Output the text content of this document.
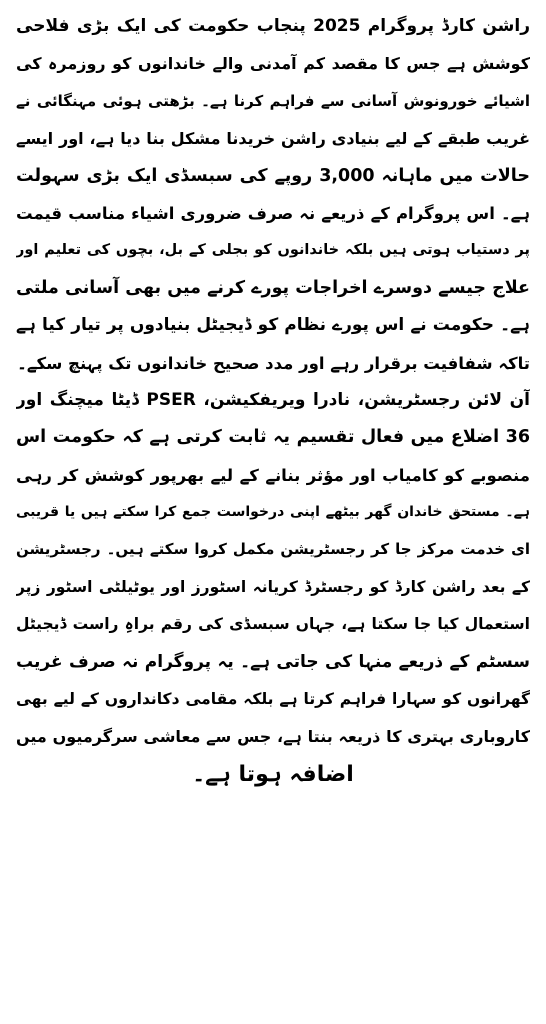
راشن کارڈ پروگرام 2025 پنجاب حکومت کی ایک بڑی فلاحی
کوشش ہے جس کا مقصد کم آمدنی والے خاندانوں کو روزمرہ کی
اشیائے خورونوش آسانی سے فراہم کرنا ہے۔ بڑھتی ہوئی مہنگائی نے
غریب طبقے کے لیے بنیادی راشن خریدنا مشکل بنا دیا ہے، اور ایسے
حالات میں ماہانہ 3,000 روپے کی سبسڈی ایک بڑی سہولت
ہے۔ اس پروگرام کے ذریعے نہ صرف ضروری اشیاء مناسب قیمت
پر دستیاب ہوتی ہیں بلکہ خاندانوں کو بجلی کے بل، بچوں کی تعلیم اور
علاج جیسے دوسرے اخراجات پورے کرنے میں بھی آسانی ملتی
ہے۔ حکومت نے اس پورے نظام کو ڈیجیٹل بنیادوں پر تیار کیا ہے
تاکہ شفافیت برقرار رہے اور مدد صحیح خاندانوں تک پہنچ سکے۔
آن لائن رجسٹریشن، نادرا ویریفکیشن، PSER ڈیٹا میچنگ اور
36 اضلاع میں فعال تقسیم یہ ثابت کرتی ہے کہ حکومت اس
منصوبے کو کامیاب اور مؤثر بنانے کے لیے بھرپور کوشش کر رہی
ہے۔ مستحق خاندان گھر بیٹھے اپنی درخواست جمع کرا سکتے ہیں یا قریبی
ای خدمت مرکز جا کر رجسٹریشن مکمل کروا سکتے ہیں۔ رجسٹریشن
کے بعد راشن کارڈ کو رجسٹرڈ کریانہ اسٹورز اور یوٹیلٹی اسٹور زپر
استعمال کیا جا سکتا ہے، جہاں سبسڈی کی رقم براہِ راست ڈیجیٹل
سسٹم کے ذریعے منہا کی جاتی ہے۔ یہ پروگرام نہ صرف غریب
گھرانوں کو سہارا فراہم کرتا ہے بلکہ مقامی دکانداروں کے لیے بھی
کاروباری بہتری کا ذریعہ بنتا ہے، جس سے معاشی سرگرمیوں میں
اضافہ ہوتا ہے۔
